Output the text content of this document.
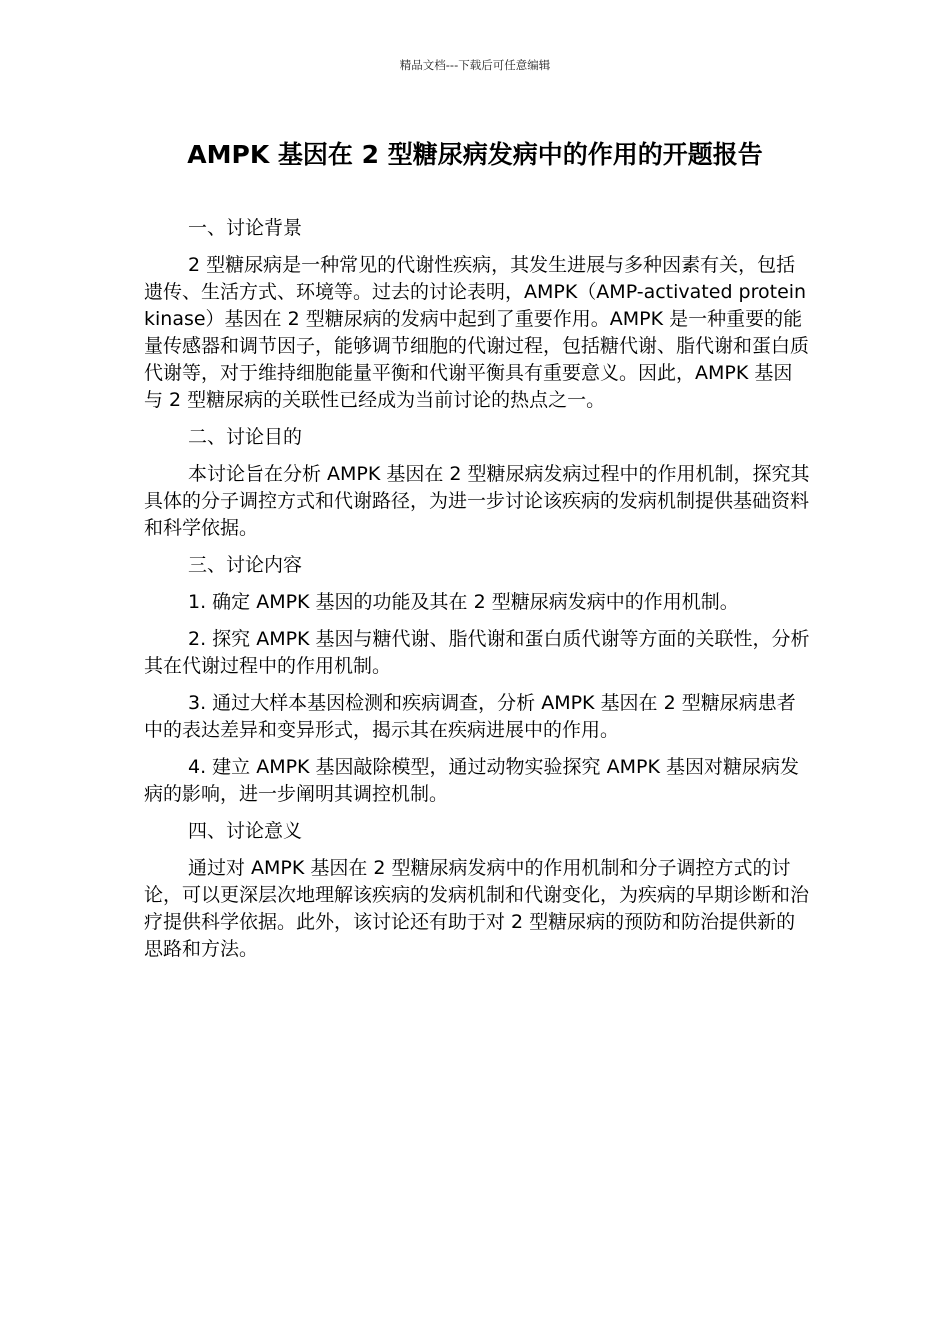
精品文档---下载后可任意编辑
AMPK 基因在 2 型糖尿病发病中的作用的开题报告

一、讨论背景

2 型糖尿病是一种常见的代谢性疾病，其发生进展与多种因素有关，包括遗传、生活方式、环境等。过去的讨论表明，AMPK（AMP-activated protein kinase）基因在 2 型糖尿病的发病中起到了重要作用。AMPK 是一种重要的能量传感器和调节因子，能够调节细胞的代谢过程，包括糖代谢、脂代谢和蛋白质代谢等，对于维持细胞能量平衡和代谢平衡具有重要意义。因此，AMPK 基因与 2 型糖尿病的关联性已经成为当前讨论的热点之一。

二、讨论目的

本讨论旨在分析 AMPK 基因在 2 型糖尿病发病过程中的作用机制，探究其具体的分子调控方式和代谢路径，为进一步讨论该疾病的发病机制提供基础资料和科学依据。

三、讨论内容

1. 确定 AMPK 基因的功能及其在 2 型糖尿病发病中的作用机制。

2. 探究 AMPK 基因与糖代谢、脂代谢和蛋白质代谢等方面的关联性，分析其在代谢过程中的作用机制。

3. 通过大样本基因检测和疾病调查，分析 AMPK 基因在 2 型糖尿病患者中的表达差异和变异形式，揭示其在疾病进展中的作用。

4. 建立 AMPK 基因敲除模型，通过动物实验探究 AMPK 基因对糖尿病发病的影响，进一步阐明其调控机制。

四、讨论意义

通过对 AMPK 基因在 2 型糖尿病发病中的作用机制和分子调控方式的讨论，可以更深层次地理解该疾病的发病机制和代谢变化，为疾病的早期诊断和治疗提供科学依据。此外，该讨论还有助于对 2 型糖尿病的预防和防治提供新的思路和方法。
